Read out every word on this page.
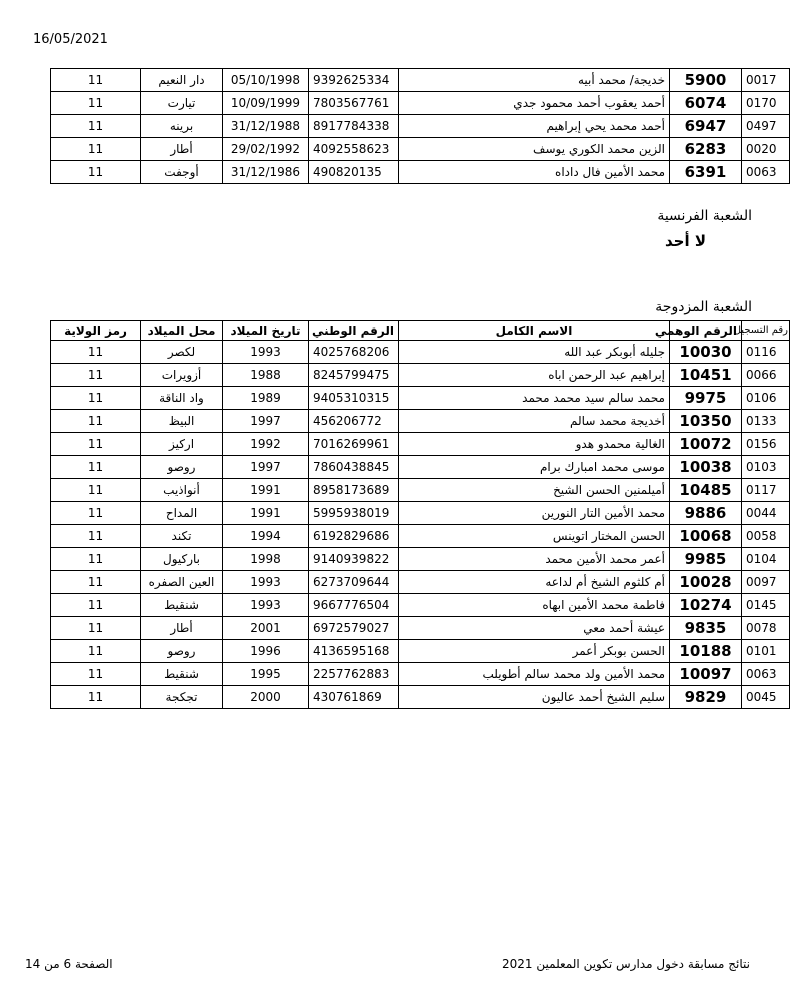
16/05/2021
11	دار النعيم	05/10/1998	9392625334	خديجة/ محمد أبيه	5900	0017
11	تيارت	10/09/1999	7803567761	أحمد يعقوب أحمد محمود جدي	6074	0170
11	برينه	31/12/1988	8917784338	أحمد محمد يحي إبراهيم	6947	0497
11	أطار	29/02/1992	4092558623	الزين محمد الكوري يوسف	6283	0020
11	أوجفت	31/12/1986	490820135	محمد الأمين فال داداه	6391	0063
الشعبة الفرنسية
لا أحد
الشعبة المزدوجة
رمز الولاية	محل الميلاد	تاريخ الميلاد	الرقم الوطني	الاسم الكامل	الرقم الوهمي	رقم التسجيل
11	لكصر	1993	4025768206	جليله أبوبكر عبد الله	10030	0116
11	أزويرات	1988	8245799475	إبراهيم عبد الرحمن اباه	10451	0066
11	واد الناقة	1989	9405310315	محمد سالم سيد محمد محمد	9975	0106
11	البيظ	1997	456206772	أخديجة محمد سالم	10350	0133
11	اركيز	1992	7016269961	الغالية محمدو هدو	10072	0156
11	روصو	1997	7860438845	موسى محمد امبارك برام	10038	0103
11	أنواذيب	1991	8958173689	أميلمنين الحسن الشيخ	10485	0117
11	المداح	1991	5995938019	محمد الأمين التار النورين	9886	0044
11	تكند	1994	6192829686	الحسن المختار اتوينس	10068	0058
11	باركيول	1998	9140939822	أعمر محمد الأمين محمد	9985	0104
11	العين الصفره	1993	6273709644	أم كلثوم الشيخ أم لداعه	10028	0097
11	شنقيط	1993	9667776504	فاطمة محمد الأمين ابهاه	10274	0145
11	أطار	2001	6972579027	عيشة أحمد معي	9835	0078
11	روصو	1996	4136595168	الحسن بوبكر أعمر	10188	0101
11	شنقيط	1995	2257762883	محمد الأمين ولد محمد سالم أطويلب	10097	0063
11	تجكجة	2000	430761869	سليم الشيخ أحمد عاليون	9829	0045
نتائج مسابقة دخول مدارس تكوين المعلمين 2021
الصفحة 6 من 14
